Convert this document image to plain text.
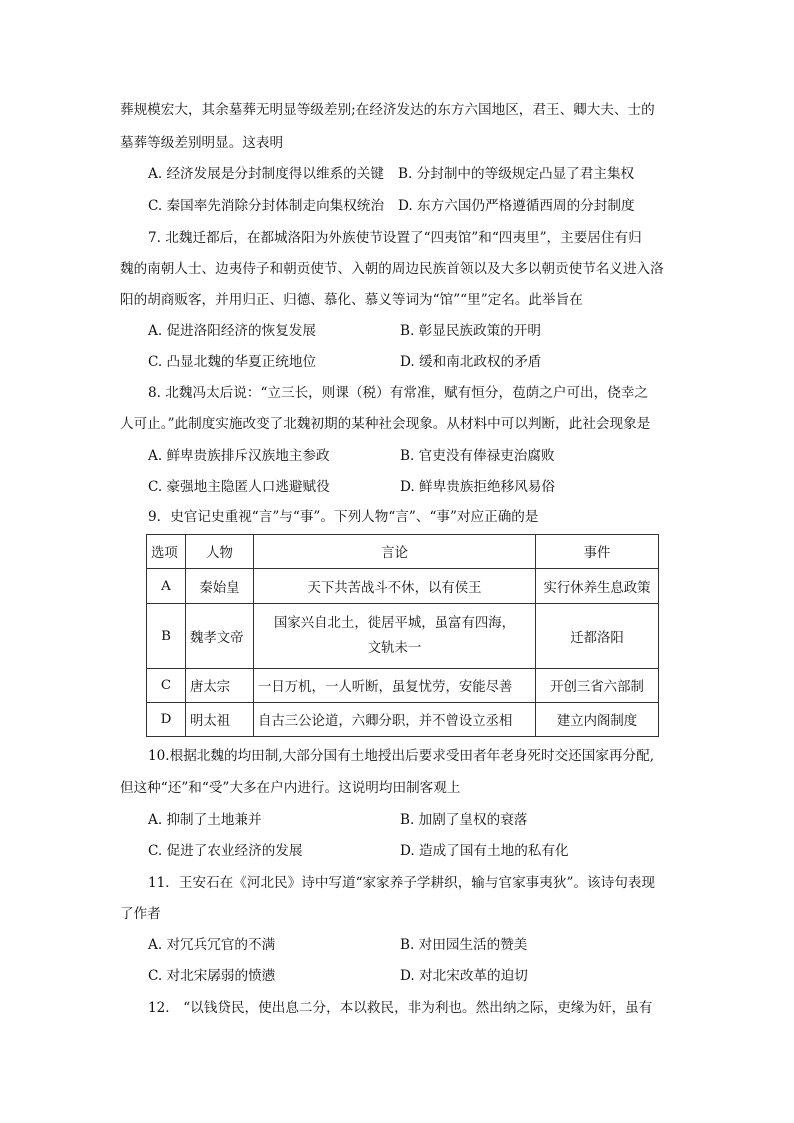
葬规模宏大，其余墓葬无明显等级差别;在经济发达的东方六国地区，君王、卿大夫、士的
墓葬等级差别明显。这表明
A. 经济发展是分封制度得以维系的关键 B. 分封制中的等级规定凸显了君主集权
C. 秦国率先消除分封体制走向集权统治 D. 东方六国仍严格遵循西周的分封制度
7. 北魏迁都后，在都城洛阳为外族使节设置了“四夷馆”和“四夷里”，主要居住有归
魏的南朝人士、边夷侍子和朝贡使节、入朝的周边民族首领以及大多以朝贡使节名义进入洛
阳的胡商贩客，并用归正、归德、慕化、慕义等词为“馆”“里”定名。此举旨在
A. 促进洛阳经济的恢复发展	B. 彰显民族政策的开明
C. 凸显北魏的华夏正统地位	D. 缓和南北政权的矛盾
8. 北魏冯太后说：“立三长，则课（税）有常准，赋有恒分，苞荫之户可出，侥幸之
人可止。”此制度实施改变了北魏初期的某种社会现象。从材料中可以判断，此社会现象是
A. 鲜卑贵族排斥汉族地主参政	B. 官吏没有俸禄吏治腐败
C. 豪强地主隐匿人口逃避赋役	D. 鲜卑贵族拒绝移风易俗
9．史官记史重视“言”与“事”。下列人物“言”、“事”对应正确的是
选项	人物	言论	事件
A	秦始皇	天下共苦战斗不休，以有侯王	实行休养生息政策
B	魏孝文帝	国家兴自北土，徙居平城，虽富有四海，
文轨未一	迁都洛阳
C	唐太宗	一日万机，一人听断，虽复忧劳，安能尽善	开创三省六部制
D	明太祖	自古三公论道，六卿分职，并不曾设立丞相	建立内阁制度
10.根据北魏的均田制,大部分国有土地授出后要求受田者年老身死时交还国家再分配,
但这种“还”和“受”大多在户内进行。这说明均田制客观上
A. 抑制了土地兼并	B. 加剧了皇权的衰落
C. 促进了农业经济的发展	D. 造成了国有土地的私有化
11．王安石在《河北民》诗中写道“家家养子学耕织，输与官家事夷狄”。该诗句表现
了作者
A. 对冗兵冗官的不满	B. 对田园生活的赞美
C. 对北宋孱弱的愤懑	D. 对北宋改革的迫切
12． “以钱贷民，使出息二分，本以救民，非为利也。然出纳之际，吏缘为奸，虽有
